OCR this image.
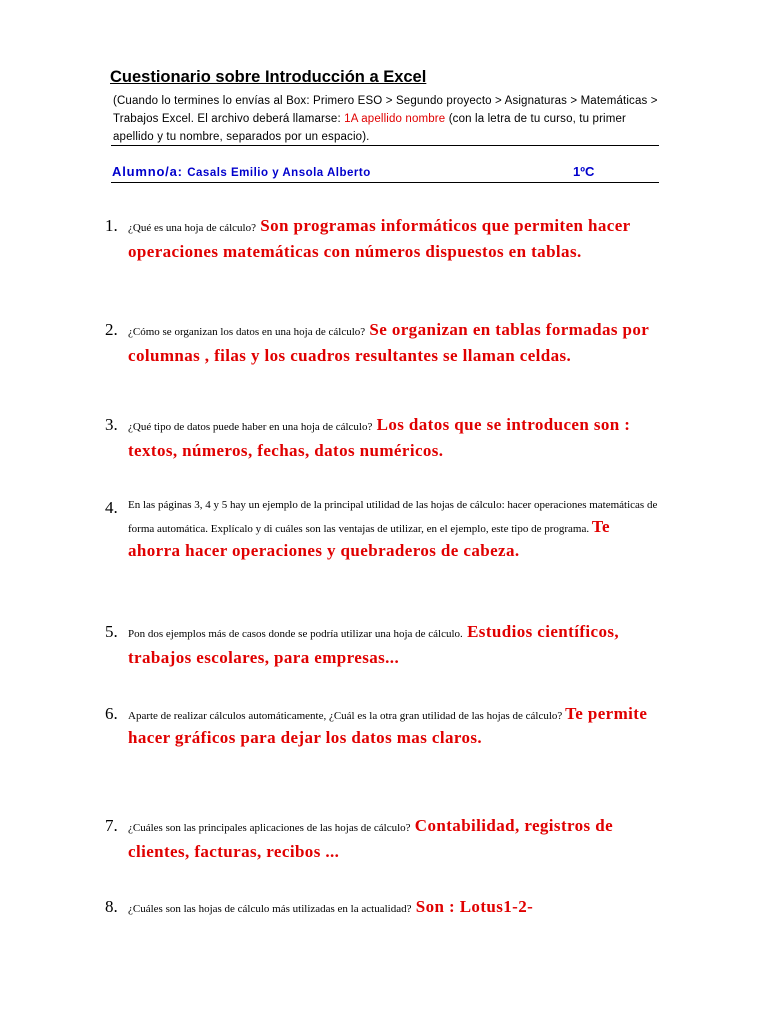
Cuestionario sobre Introducción a Excel
(Cuando lo termines lo envías al Box: Primero ESO > Segundo proyecto > Asignaturas > Matemáticas > Trabajos Excel. El archivo deberá llamarse: 1A apellido nombre (con la letra de tu curso, tu primer apellido y tu nombre, separados por un espacio).
Alumno/a: Casals Emilio y Ansola Alberto	1ºC
1. ¿Qué es una hoja de cálculo? Son programas informáticos que permiten hacer operaciones matemáticas con números dispuestos en tablas.
2. ¿Cómo se organizan los datos en una hoja de cálculo? Se organizan en tablas formadas por columnas , filas y los cuadros resultantes se llaman celdas.
3. ¿Qué tipo de datos puede haber en una hoja de cálculo? Los datos que se introducen son : textos, números, fechas, datos numéricos.
4. En las páginas 3, 4 y 5 hay un ejemplo de la principal utilidad de las hojas de cálculo: hacer operaciones matemáticas de forma automática. Explícalo y di cuáles son las ventajas de utilizar, en el ejemplo, este tipo de programa. Te ahorra hacer operaciones y quebraderos de cabeza.
5. Pon dos ejemplos más de casos donde se podría utilizar una hoja de cálculo. Estudios científicos, trabajos escolares, para empresas...
6. Aparte de realizar cálculos automáticamente, ¿Cuál es la otra gran utilidad de las hojas de cálculo? Te permite hacer gráficos para dejar los datos mas claros.
7. ¿Cuáles son las principales aplicaciones de las hojas de cálculo? Contabilidad, registros de clientes, facturas, recibos ...
8. ¿Cuáles son las hojas de cálculo más utilizadas en la actualidad? Son : Lotus1-2-
